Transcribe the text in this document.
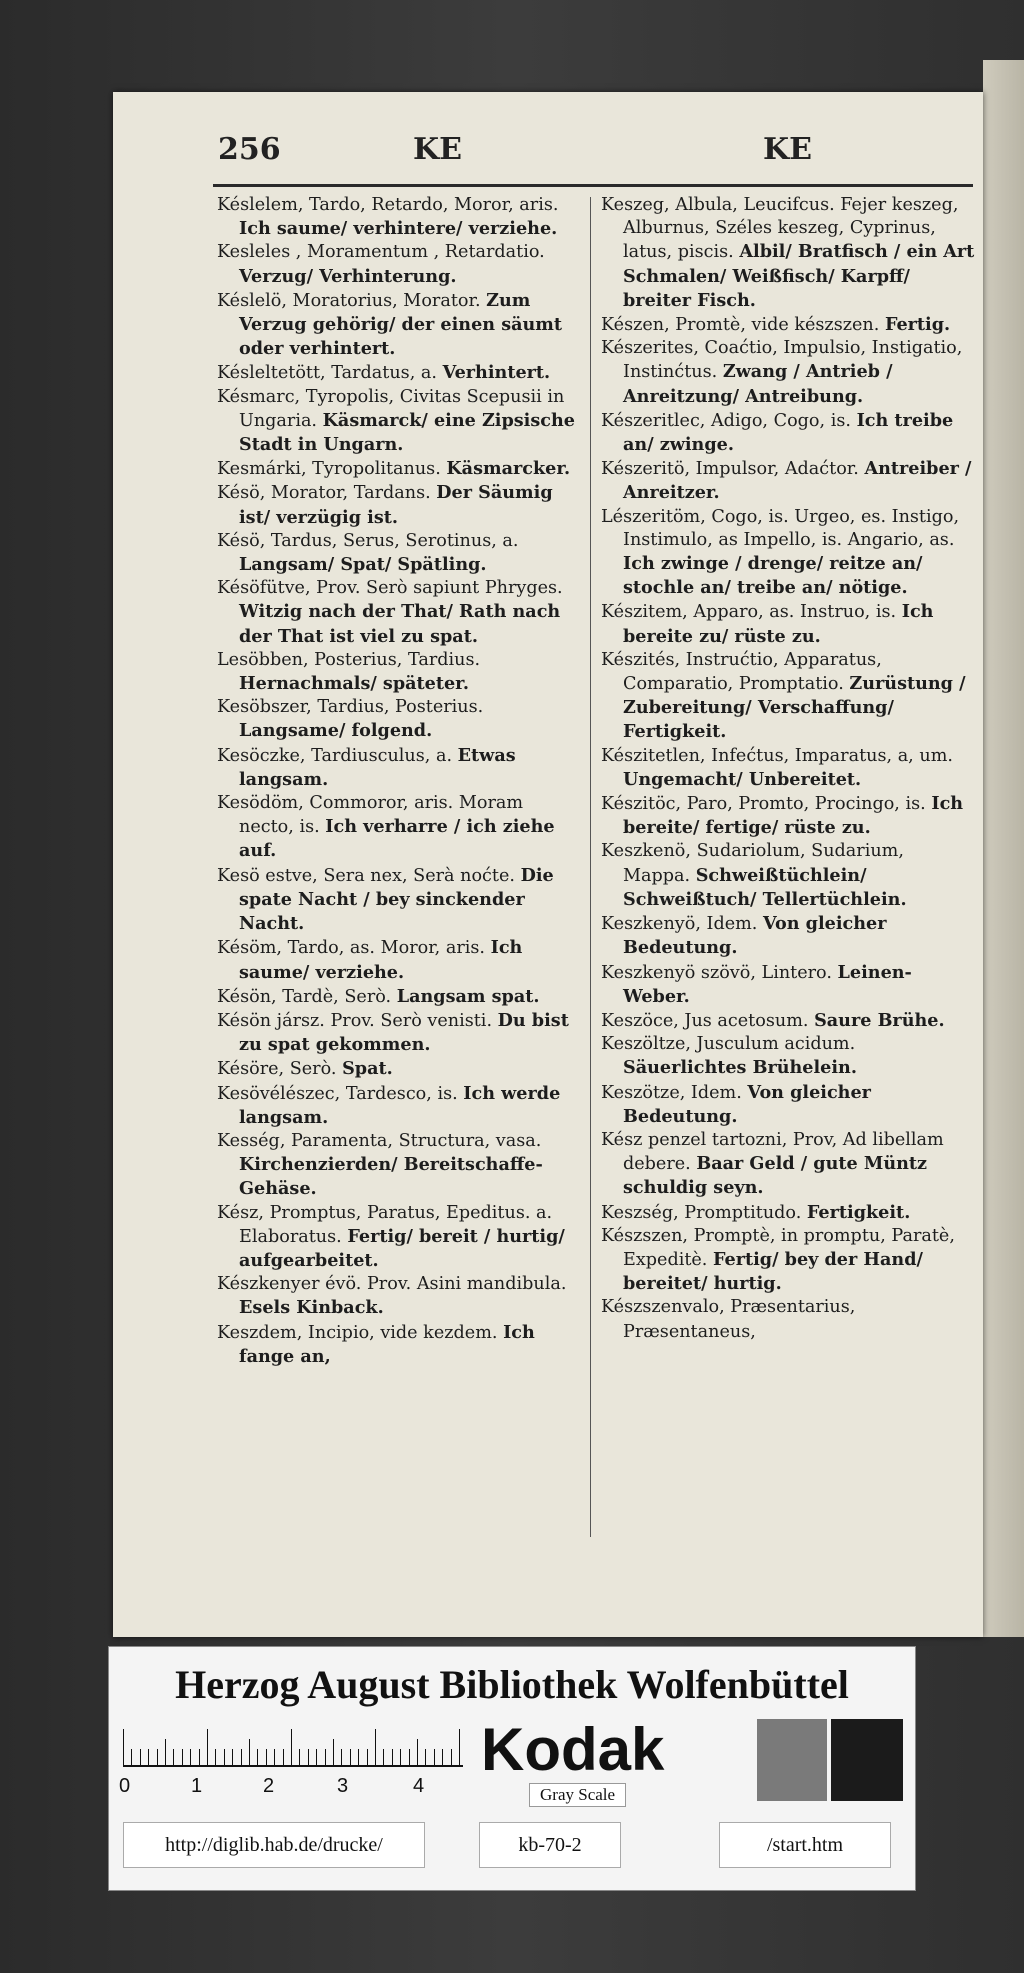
256	KE	KE

Késlelem, Tardo, Retardo, Moror, aris. Ich saume/ verhintere/ verziehe.

Kesleles , Moramentum , Retardatio. Verzug/ Verhinterung.

Késlelö, Moratorius, Morator. Zum Verzug gehörig/ der einen säumt oder verhintert.

Késleltetött, Tardatus, a. Verhintert.

Késmarc, Tyropolis, Civitas Scepusii in Ungaria. Käsmarck/ eine Zipsische Stadt in Ungarn.

Kesmárki, Tyropolitanus. Käsmarcker.

Késö, Morator, Tardans. Der Säumig ist/ verzügig ist.

Késö, Tardus, Serus, Serotinus, a. Langsam/ Spat/ Spätling.

Késöfütve, Prov. Serò sapiunt Phryges. Witzig nach der That/ Rath nach der That ist viel zu spat.

Lesöbben, Posterius, Tardius. Hernachmals/ späteter.

Kesöbszer, Tardius, Posterius. Langsame/ folgend.

Kesöczke, Tardiusculus, a. Etwas langsam.

Kesödöm, Commoror, aris. Moram nectо, is. Ich verharre / ich ziehe auf.

Kesö estve, Sera nex, Serà noćte. Die spate Nacht / bey sinckender Nacht.

Késöm, Tardo, as. Moror, aris. Ich saume/ verziehe.

Késön, Tardè, Serò. Langsam spat.

Késön jársz. Prov. Serò venisti. Du bist zu spat gekommen.

Késöre, Serò. Spat.

Kesövélészec, Tardesco, is. Ich werde langsam.

Kesség, Paramenta, Structura, vasa. Kirchenzierden/ Bereitschaffe-Gehäse.

Kész, Promptus, Paratus, Epeditus. a. Elaboratus. Fertig/ bereit / hurtig/ aufgearbeitet.

Készkenyer évö. Prov. Asini mandibula. Esels Kinback.

Keszdem, Incipio, vide kezdem. Ich fange an,

Keszeg, Albula, Leucifcus. Fejer keszeg, Alburnus, Széles keszeg, Cyprinus, latus, piscis. Albil/ Bratfisch / ein Art Schmalen/ Weißfisch/ Karpff/ breiter Fisch.

Készen, Promtè, vide készszen. Fertig.

Készerites, Coaćtio, Impulsio, Instigatio, Instinćtus. Zwang / Antrieb / Anreitzung/ Antreibung.

Készeritlec, Adigo, Cogo, is. Ich treibe an/ zwinge.

Készeritö, Impulsor, Adaćtor. Antreiber / Anreitzer.

Lészeritöm, Cogo, is. Urgeo, es. Instigo, Instimulo, as Impello, is. Angario, as. Ich zwinge / drenge/ reitze an/ stochle an/ treibe an/ nötige.

Készitem, Apparo, as. Instruo, is. Ich bereite zu/ rüste zu.

Készités, Instrućtio, Apparatus, Comparatio, Promptatio. Zurüstung / Zubereitung/ Verschaffung/ Fertigkeit.

Készitetlen, Infećtus, Imparatus, a, um. Ungemacht/ Unbereitet.

Készitöc, Paro, Promto, Procingo, is. Ich bereite/ fertige/ rüste zu.

Keszkenö, Sudariolum, Sudarium, Mappa. Schweißtüchlein/ Schweißtuch/ Tellertüchlein.

Keszkenyö, Idem. Von gleicher Bedeutung.

Keszkenyö szövö, Lintero. Leinen-Weber.

Keszöce, Jus acetosum. Saure Brühe.

Keszöltze, Jusculum acidum. Säuerlichtes Brühelein.

Keszötze, Idem. Von gleicher Bedeutung.

Kész penzel tartozni, Prov, Ad libellam debere. Baar Geld / gute Müntz schuldig seyn.

Keszség, Promptitudo. Fertigkeit.

Készszen, Promptè, in promptu, Paratè, Expeditè. Fertig/ bey der Hand/ bereitet/ hurtig.

Készszenvalo, Præsentarius, Præsentaneus,

Herzog August Bibliothek Wolfenbüttel
0	1	2	3	4
Kodak
Gray Scale
http://diglib.hab.de/drucke/	kb-70-2	/start.htm
